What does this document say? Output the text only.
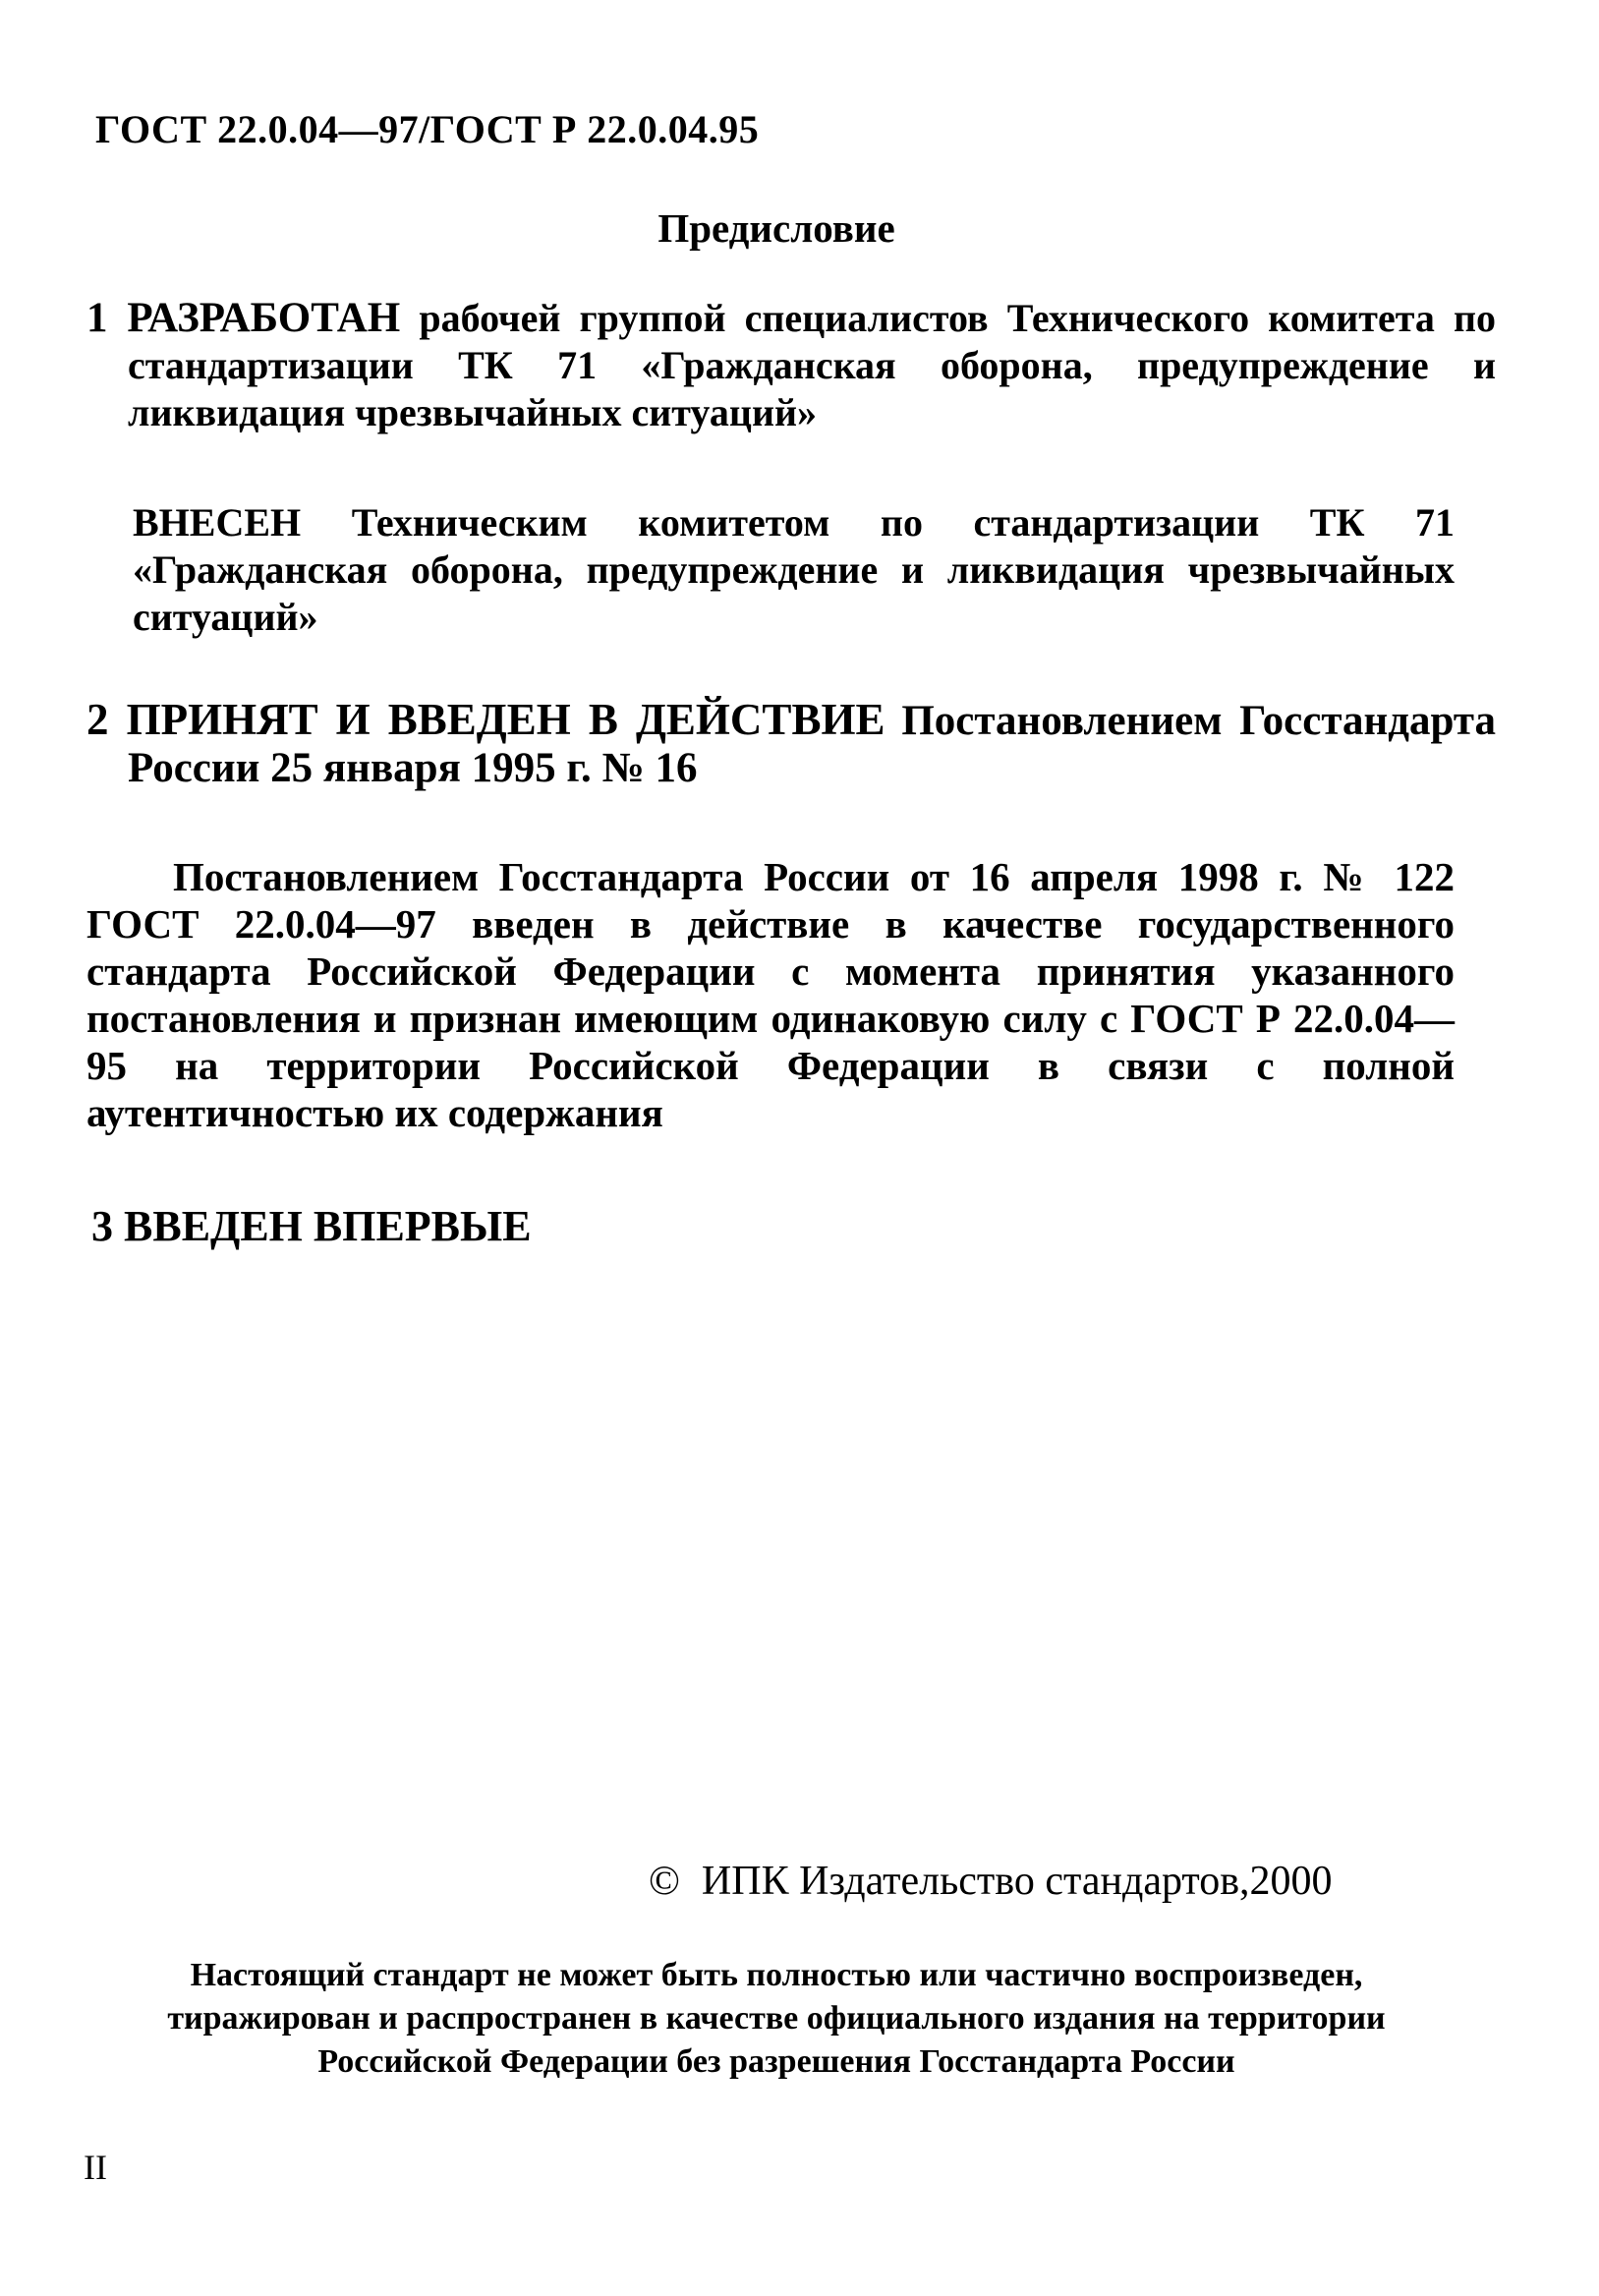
ГОСТ 22.0.04—97/ГОСТ Р 22.0.04.95
Предисловие
1 РАЗРАБОТАН рабочей группой специалистов Технического комитета по стандартизации ТК 71 «Гражданская оборона, предупреждение и ликвидация чрезвычайных ситуаций»
ВНЕСЕН Техническим комитетом по стандартизации ТК 71 «Гражданская оборона, предупреждение и ликвидация чрезвычайных ситуаций»
2 ПРИНЯТ И ВВЕДЕН В ДЕЙСТВИЕ Постановлением Госстандарта России 25 января 1995 г. № 16
Постановлением Госстандарта России от 16 апреля 1998 г. № 122 ГОСТ 22.0.04—97 введен в действие в качестве государственного стандарта Российской Федерации с момента принятия указанного постановления и признан имеющим одинаковую силу с ГОСТ Р 22.0.04—95 на территории Российской Федерации в связи с полной аутентичностью их содержания
3 ВВЕДЕН ВПЕРВЫЕ
© ИПК Издательство стандартов,2000
Настоящий стандарт не может быть полностью или частично воспроизведен, тиражирован и распространен в качестве официального издания на территории Российской Федерации без разрешения Госстандарта России
II
